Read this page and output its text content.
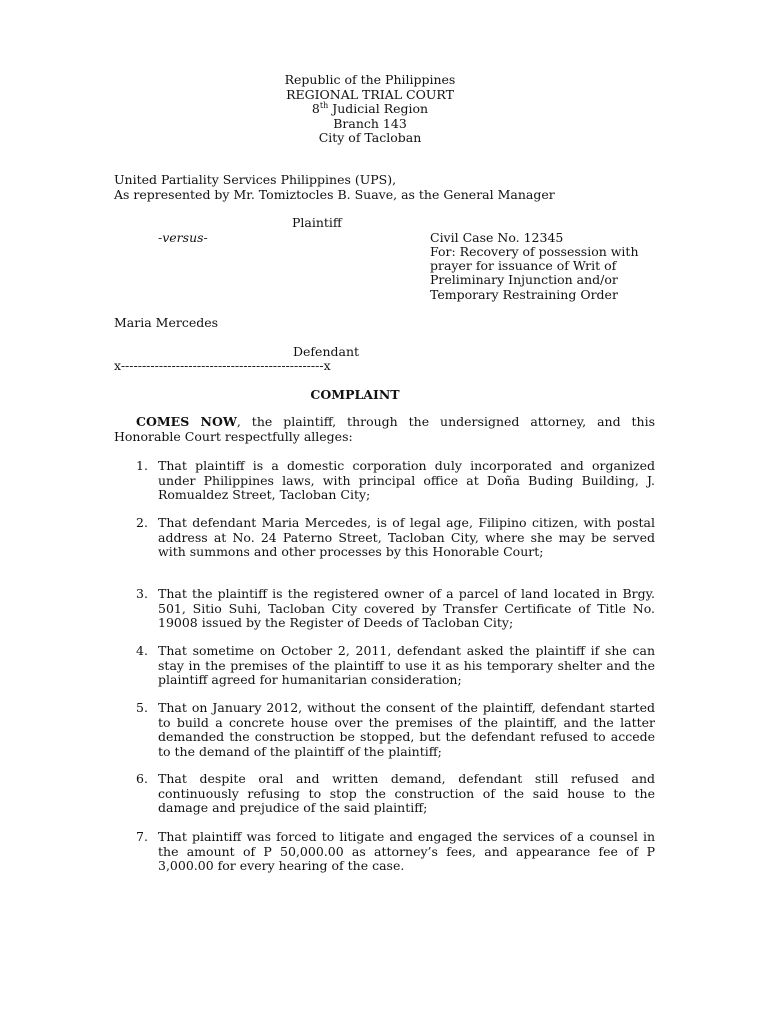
Republic of the Philippines
REGIONAL TRIAL COURT
8th Judicial Region
Branch 143
City of Tacloban
United Partiality Services Philippines (UPS),
As represented by Mr. Tomiztocles B. Suave, as the General Manager
Plaintiff
-versus-	Civil Case No. 12345
For: Recovery of possession with
prayer for issuance of Writ of
Preliminary Injunction and/or
Temporary Restraining Order
Maria Mercedes
Defendant
x------------------------------------------------x
COMPLAINT
COMES NOW, the plaintiff, through the undersigned attorney, and this Honorable Court respectfully alleges:
1. That plaintiff is a domestic corporation duly incorporated and organized under Philippines laws, with principal office at Doña Buding Building, J. Romualdez Street, Tacloban City;
2. That defendant Maria Mercedes, is of legal age, Filipino citizen, with postal address at No. 24 Paterno Street, Tacloban City, where she may be served with summons and other processes by this Honorable Court;
3. That the plaintiff is the registered owner of a parcel of land located in Brgy. 501, Sitio Suhi, Tacloban City covered by Transfer Certificate of Title No. 19008 issued by the Register of Deeds of Tacloban City;
4. That sometime on October 2, 2011, defendant asked the plaintiff if she can stay in the premises of the plaintiff to use it as his temporary shelter and the plaintiff agreed for humanitarian consideration;
5. That on January 2012, without the consent of the plaintiff, defendant started to build a concrete house over the premises of the plaintiff, and the latter demanded the construction be stopped, but the defendant refused to accede to the demand of the plaintiff of the plaintiff;
6. That despite oral and written demand, defendant still refused and continuously refusing to stop the construction of the said house to the damage and prejudice of the said plaintiff;
7. That plaintiff was forced to litigate and engaged the services of a counsel in the amount of P 50,000.00 as attorney’s fees, and appearance fee of P 3,000.00 for every hearing of the case.
